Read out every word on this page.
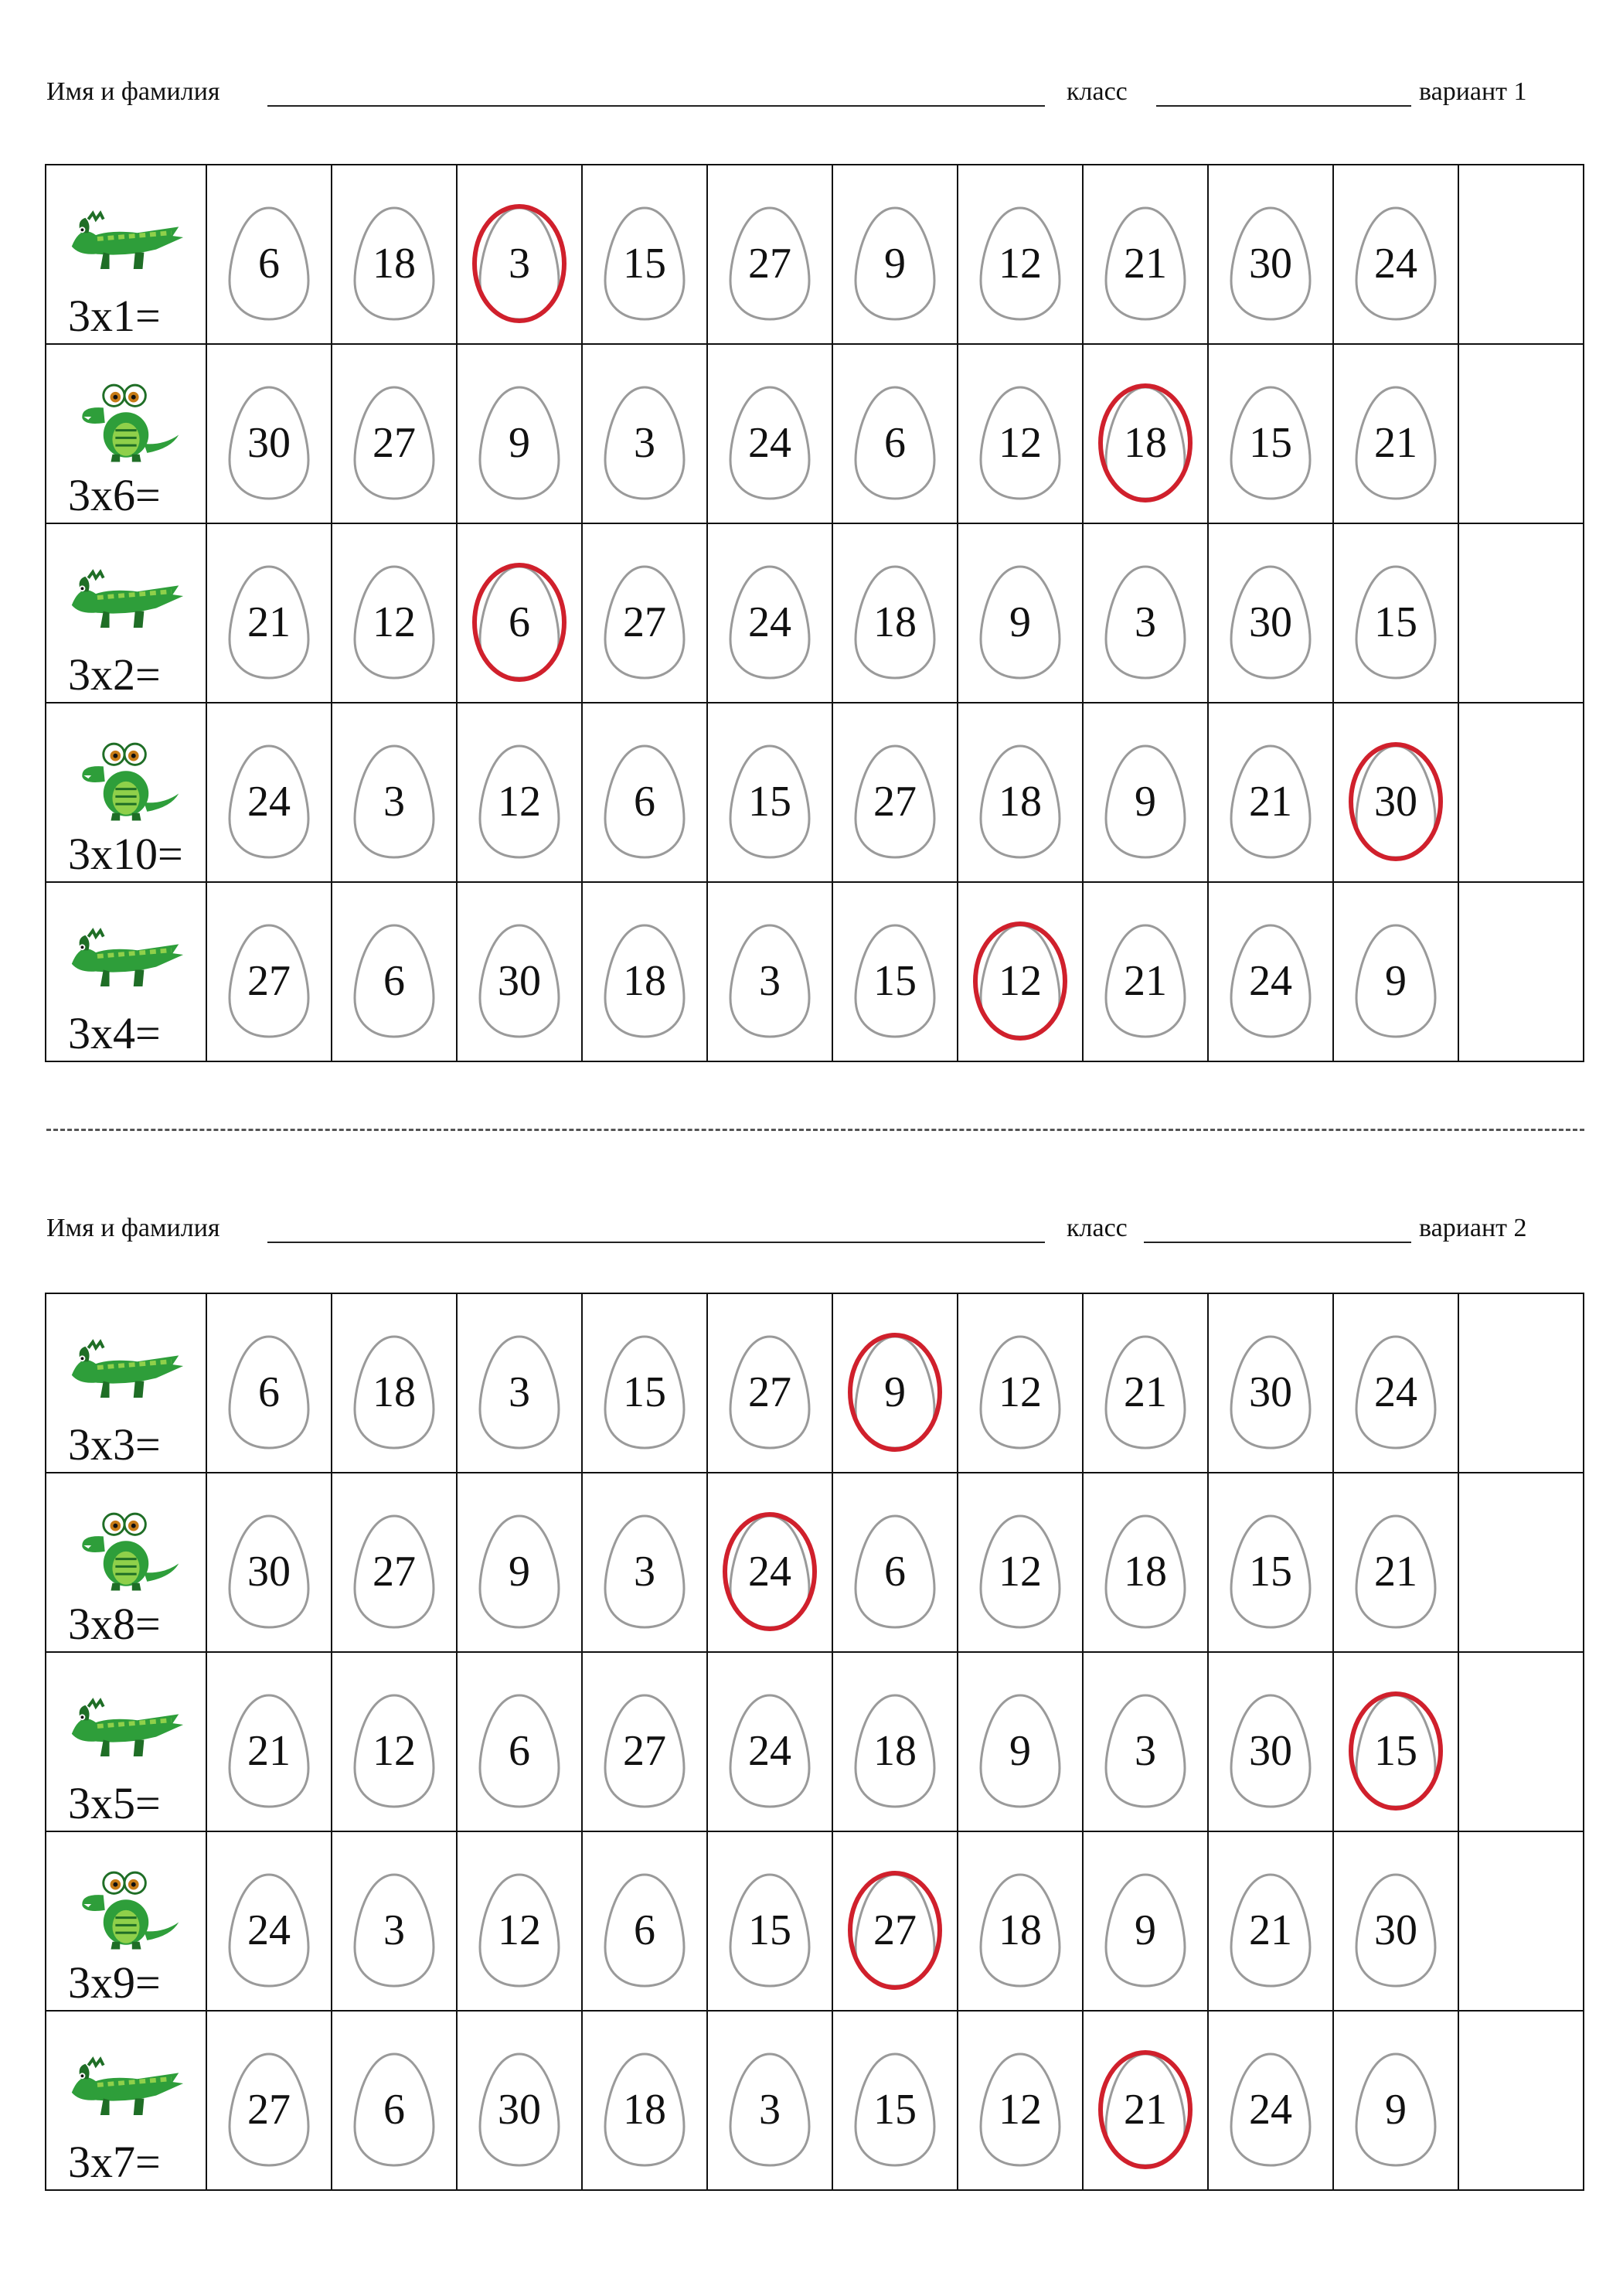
Имя и фамилия	класс	вариант 1
3x1=	6	18	3	15	27	9	12	21	30	24	

3x6=	30	27	9	3	24	6	12	18	15	21	

3x2=	21	12	6	27	24	18	9	3	30	15	

3x10=	24	3	12	6	15	27	18	9	21	30	

3x4=	27	6	30	18	3	15	12	21	24	9	

Имя и фамилия	класс	вариант 2
3x3=	6	18	3	15	27	9	12	21	30	24	

3x8=	30	27	9	3	24	6	12	18	15	21	

3x5=	21	12	6	27	24	18	9	3	30	15	

3x9=	24	3	12	6	15	27	18	9	21	30	

3x7=	27	6	30	18	3	15	12	21	24	9	
